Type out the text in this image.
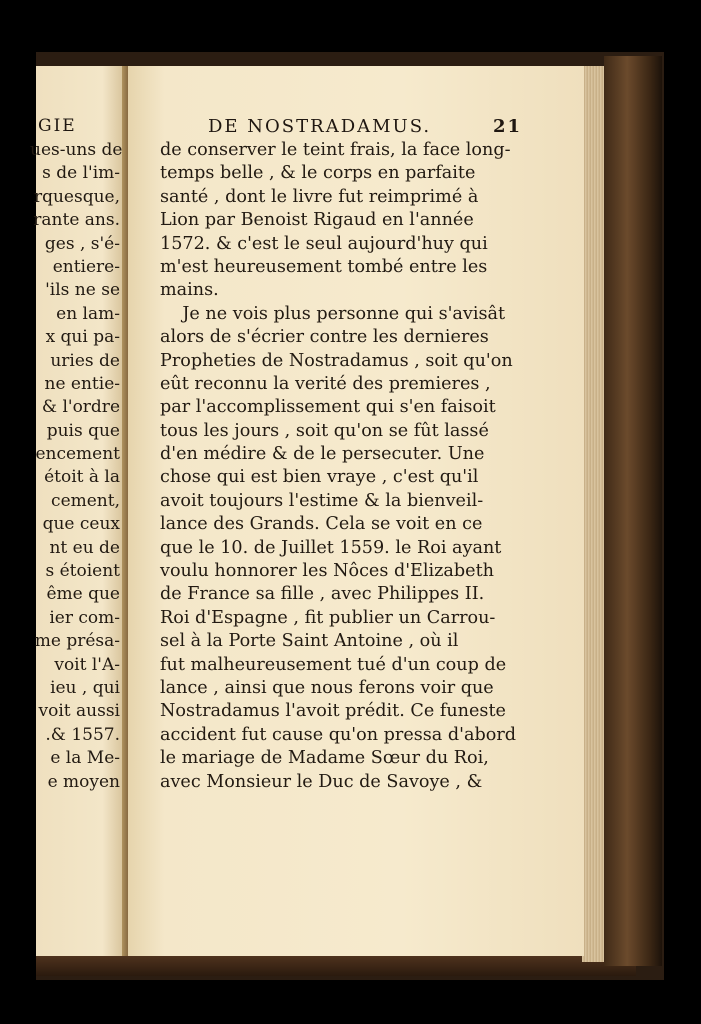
GIE
ues-uns de
s de l'im-
rquesque,
rante ans.
ges , s'é-
entiere-
'ils ne se
en lam-
x qui pa-
uries de
ne entie-
& l'ordre
puis que
encement
étoit à la
cement,
que ceux
nt eu de
s étoient
ême que
ier com-
me présa-
voit l'A-
ieu , qui
voit aussi
.& 1557.
e la Me-
e moyen
DE NOSTRADAMUS.	21
de conserver le teint frais, la face long-
temps belle , & le corps en parfaite
santé , dont le livre fut reimprimé à
Lion par Benoist Rigaud en l'année
1572. & c'est le seul aujourd'huy qui
m'est heureusement tombé entre les
mains.
Je ne vois plus personne qui s'avisât
alors de s'écrier contre les dernieres
Propheties de Nostradamus , soit qu'on
eût reconnu la verité des premieres ,
par l'accomplissement qui s'en faisoit
tous les jours , soit qu'on se fût lassé
d'en médire & de le persecuter. Une
chose qui est bien vraye , c'est qu'il
avoit toujours l'estime & la bienveil-
lance des Grands. Cela se voit en ce
que le 10. de Juillet 1559. le Roi ayant
voulu honnorer les Nôces d'Elizabeth
de France sa fille , avec Philippes II.
Roi d'Espagne , fit publier un Carrou-
sel à la Porte Saint Antoine , où il
fut malheureusement tué d'un coup de
lance , ainsi que nous ferons voir que
Nostradamus l'avoit prédit. Ce funeste
accident fut cause qu'on pressa d'abord
le mariage de Madame Sœur du Roi,
avec Monsieur le Duc de Savoye , &
